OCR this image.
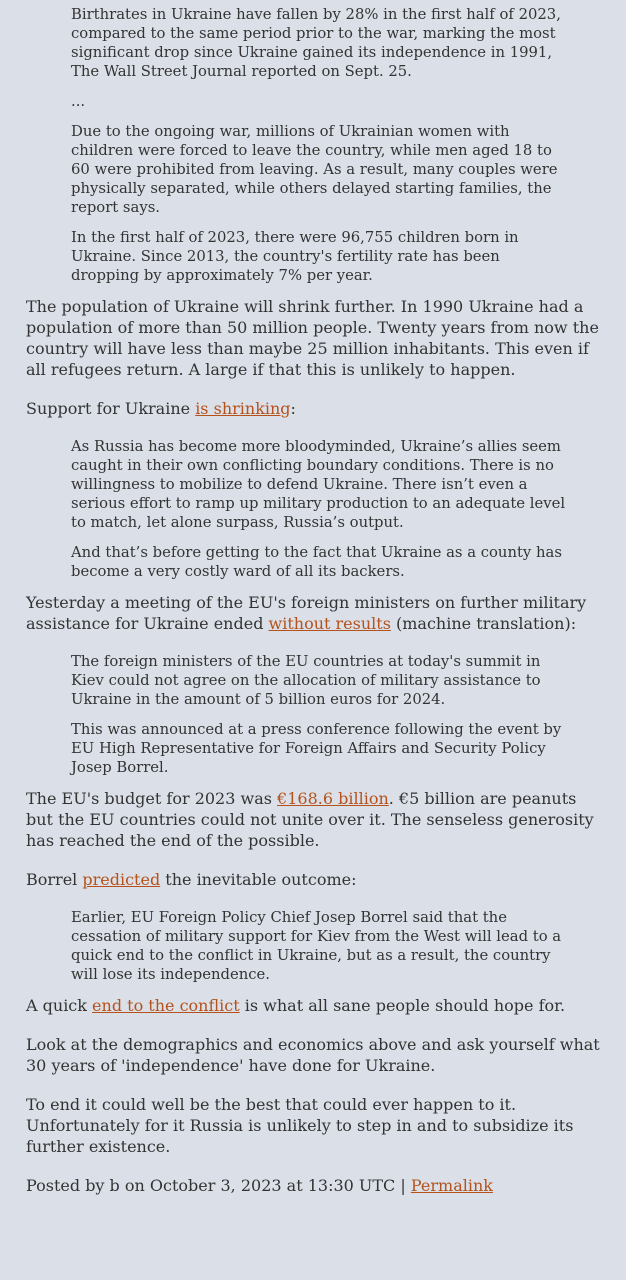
Birthrates in Ukraine have fallen by 28% in the first half of 2023, compared to the same period prior to the war, marking the most significant drop since Ukraine gained its independence in 1991, The Wall Street Journal reported on Sept. 25.

...

Due to the ongoing war, millions of Ukrainian women with children were forced to leave the country, while men aged 18 to 60 were prohibited from leaving. As a result, many couples were physically separated, while others delayed starting families, the report says.

In the first half of 2023, there were 96,755 children born in Ukraine. Since 2013, the country's fertility rate has been dropping by approximately 7% per year.

The population of Ukraine will shrink further. In 1990 Ukraine had a population of more than 50 million people. Twenty years from now the country will have less than maybe 25 million inhabitants. This even if all refugees return. A large if that this is unlikely to happen.

Support for Ukraine is shrinking:

As Russia has become more bloodyminded, Ukraine’s allies seem caught in their own conflicting boundary conditions. There is no willingness to mobilize to defend Ukraine. There isn’t even a serious effort to ramp up military production to an adequate level to match, let alone surpass, Russia’s output.

And that’s before getting to the fact that Ukraine as a county has become a very costly ward of all its backers.

Yesterday a meeting of the EU's foreign ministers on further military assistance for Ukraine ended without results (machine translation):

The foreign ministers of the EU countries at today's summit in Kiev could not agree on the allocation of military assistance to Ukraine in the amount of 5 billion euros for 2024.

This was announced at a press conference following the event by EU High Representative for Foreign Affairs and Security Policy Josep Borrel.

The EU's budget for 2023 was €168.6 billion. €5 billion are peanuts but the EU countries could not unite over it. The senseless generosity has reached the end of the possible.

Borrel predicted the inevitable outcome:

Earlier, EU Foreign Policy Chief Josep Borrel said that the cessation of military support for Kiev from the West will lead to a quick end to the conflict in Ukraine, but as a result, the country will lose its independence.

A quick end to the conflict is what all sane people should hope for.

Look at the demographics and economics above and ask yourself what 30 years of 'independence' have done for Ukraine.

To end it could well be the best that could ever happen to it. Unfortunately for it Russia is unlikely to step in and to subsidize its further existence.

Posted by b on October 3, 2023 at 13:30 UTC | Permalink
